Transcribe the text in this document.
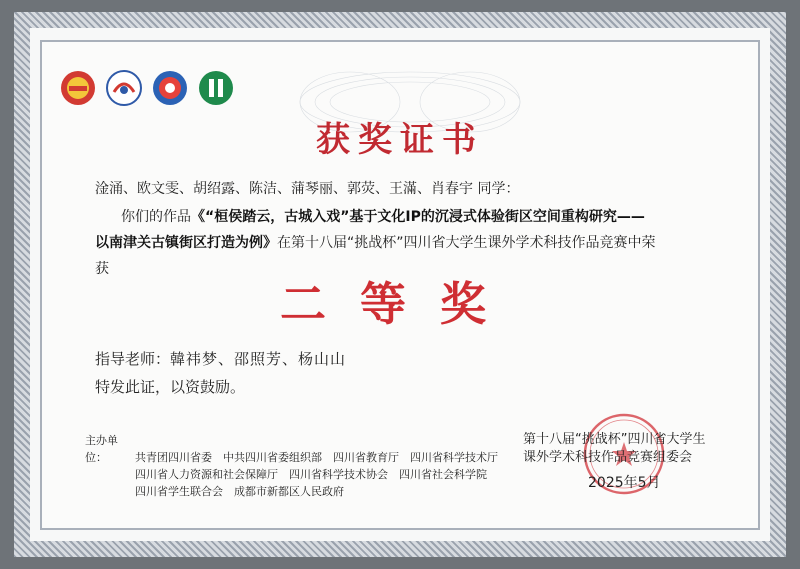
获奖证书
淦涌、欧文雯、胡绍露、陈洁、蒲琴丽、郭荧、王滿、肖春宇 同学：
你们的作品《“桓侯踏云，古城入戏”基于文化IP的沉浸式体验街区空间重构研究——
以南津关古镇街区打造为例》在第十八届“挑战杯”四川省大学生课外学术科技作品竞赛中荣
获
二等奖
指导老师：韓祎梦、邵照芳、杨山山
特发此证，以资鼓励。
主办单位：	共青团四川省委　中共四川省委组织部　四川省教育厅　四川省科学技术厅
四川省人力资源和社会保障厅　四川省科学技术协会　四川省社会科学院
四川省学生联合会　成都市新都区人民政府
第十八届“挑战杯”四川省大学生
课外学术科技作品竞赛组委会
2025年5月
